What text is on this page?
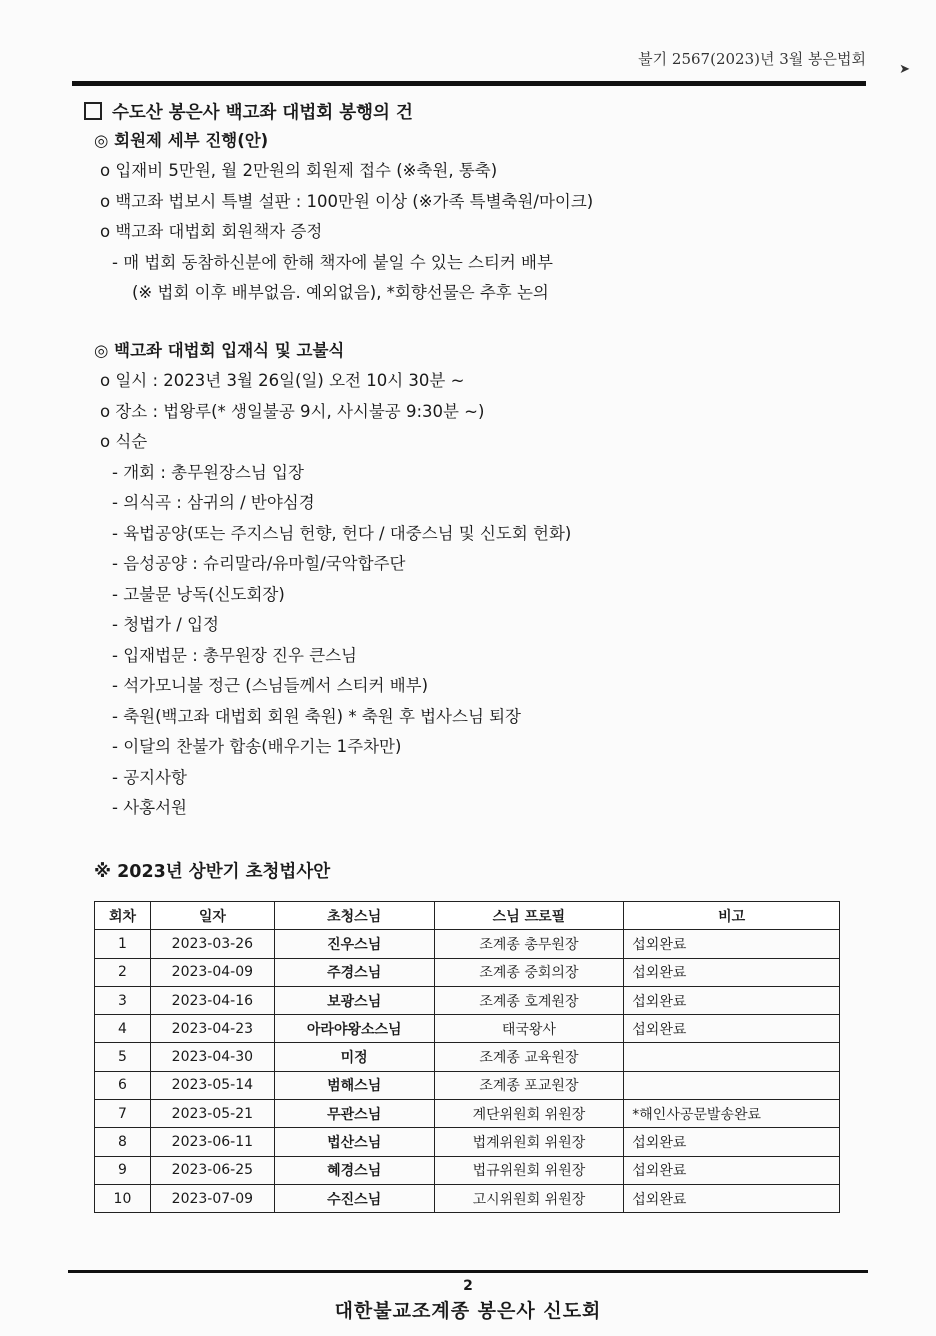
불기 2567(2023)년 3월 봉은법회
➤
수도산 봉은사 백고좌 대법회 봉행의 건
◎ 회원제 세부 진행(안)
o 입재비 5만원, 월 2만원의 회원제 접수 (※축원, 통축)
o 백고좌 법보시 특별 설판 : 100만원 이상 (※가족 특별축원/마이크)
o 백고좌 대법회 회원책자 증정
- 매 법회 동참하신분에 한해 책자에 붙일 수 있는 스티커 배부
(※ 법회 이후 배부없음. 예외없음), *회향선물은 추후 논의
◎ 백고좌 대법회 입재식 및 고불식
o 일시 : 2023년 3월 26일(일) 오전 10시 30분 ~
o 장소 : 법왕루(* 생일불공 9시, 사시불공 9:30분 ~)
o 식순
- 개회 : 총무원장스님 입장
- 의식곡 : 삼귀의 / 반야심경
- 육법공양(또는 주지스님 헌향, 헌다 / 대중스님 및 신도회 헌화)
- 음성공양 : 슈리말라/유마힐/국악합주단
- 고불문 낭독(신도회장)
- 청법가 / 입정
- 입재법문 : 총무원장 진우 큰스님
- 석가모니불 정근 (스님들께서 스티커 배부)
- 축원(백고좌 대법회 회원 축원) * 축원 후 법사스님 퇴장
- 이달의 찬불가 합송(배우기는 1주차만)
- 공지사항
- 사홍서원
※ 2023년 상반기 초청법사안
회차	일자	초청스님	스님 프로필	비고
1	2023-03-26	진우스님	조계종 총무원장	섭외완료
2	2023-04-09	주경스님	조계종 중회의장	섭외완료
3	2023-04-16	보광스님	조계종 호계원장	섭외완료
4	2023-04-23	아라야왕소스님	태국왕사	섭외완료
5	2023-04-30	미정	조계종 교육원장	
6	2023-05-14	범해스님	조계종 포교원장	
7	2023-05-21	무관스님	계단위원회 위원장	*해인사공문발송완료
8	2023-06-11	법산스님	법계위원회 위원장	섭외완료
9	2023-06-25	혜경스님	법규위원회 위원장	섭외완료
10	2023-07-09	수진스님	고시위원회 위원장	섭외완료
2
대한불교조계종 봉은사 신도회
